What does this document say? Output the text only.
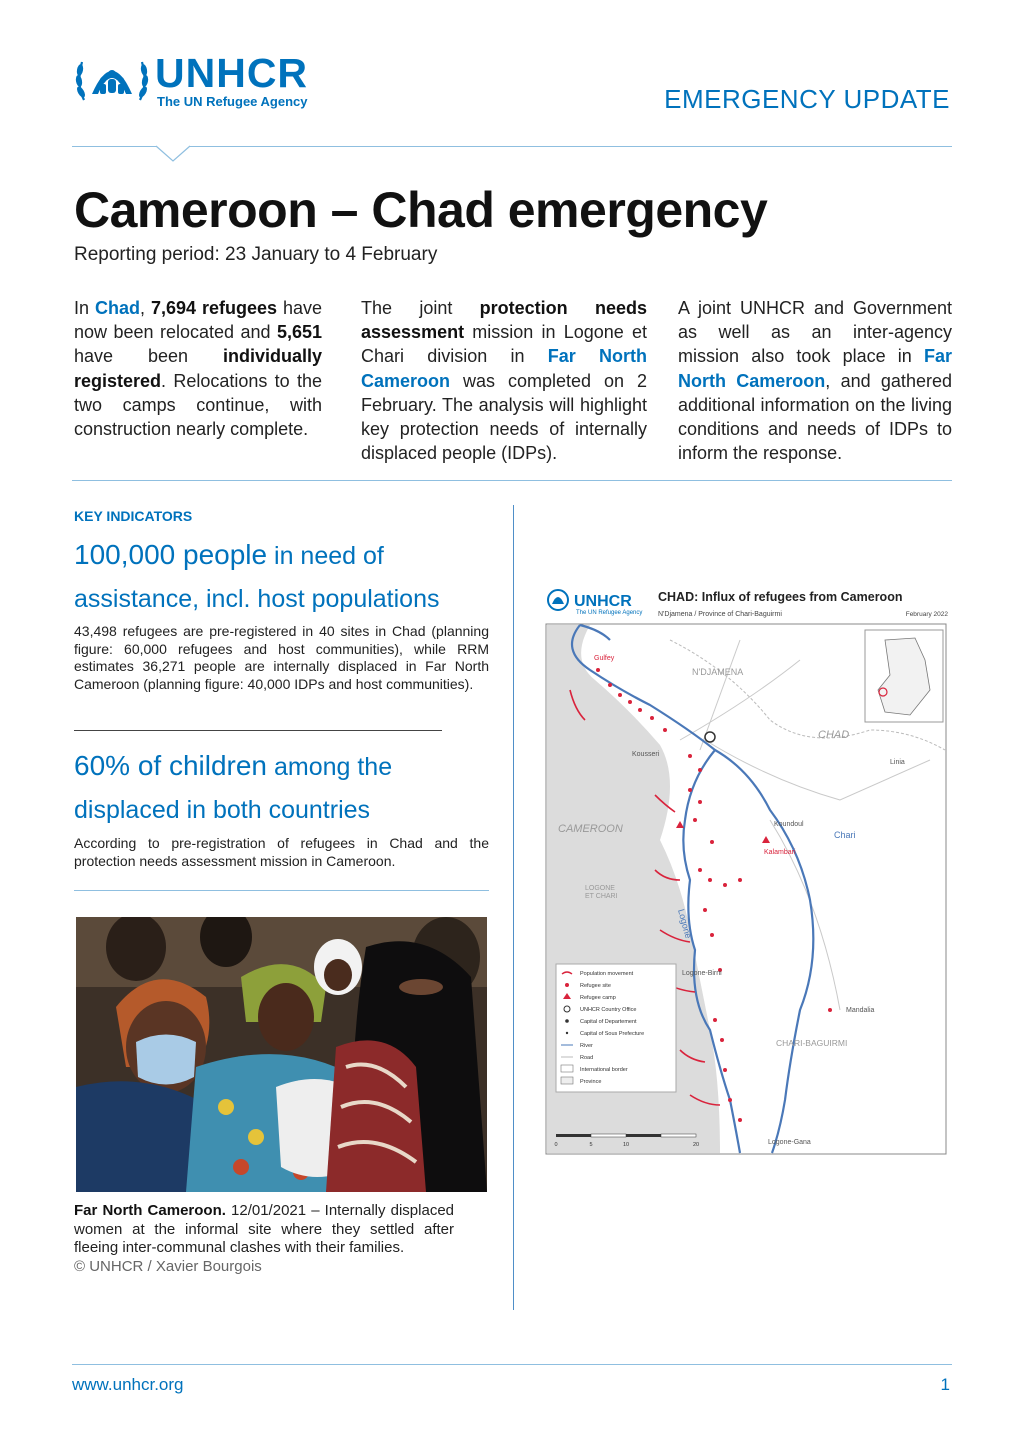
UNHCR
The UN Refugee Agency	EMERGENCY UPDATE
Cameroon – Chad emergency
Reporting period: 23 January to 4 February
In Chad, 7,694 refugees have now been relocated and 5,651 have been individually registered. Relocations to the two camps continue, with construction nearly complete.
The joint protection needs assessment mission in Logone et Chari division in Far North Cameroon was completed on 2 February. The analysis will highlight key protection needs of internally displaced people (IDPs).
A joint UNHCR and Government as well as an inter-agency mission also took place in Far North Cameroon, and gathered additional information on the living conditions and needs of IDPs to inform the response.
KEY INDICATORS
100,000 people in need of
assistance, incl. host populations
43,498 refugees are pre-registered in 40 sites in Chad (planning figure: 60,000 refugees and host communities), while RRM estimates 36,271 people are internally displaced in Far North Cameroon (planning figure: 40,000 IDPs and host communities).
60% of children among the
displaced in both countries
According to pre-registration of refugees in Chad and the protection needs assessment mission in Cameroon.
Far North Cameroon. 12/01/2021 – Internally displaced women at the informal site where they settled after fleeing inter-communal clashes with their families.
© UNHCR / Xavier Bourgois
UNHCR
The UN Refugee Agency
CHAD: Influx of refugees from Cameroon
N'Djamena / Province of Chari-Baguirmi	February 2022
Gulfey
N'DJAMENA
CHAD
Linia
Kousseri
CAMEROON	Koundoul
Chari
Kalambari
LOGONE ET CHARI
Logone
Logone-Birni
Mandalia
CHARI-BAGUIRMI
Logone-Gana
Population movement
Refugee site
Refugee camp
UNHCR Country Office
Capital of Departement
Capital of Sous Prefecture
River
Road
International border
Province
0	5	10	20
www.unhcr.org	1
